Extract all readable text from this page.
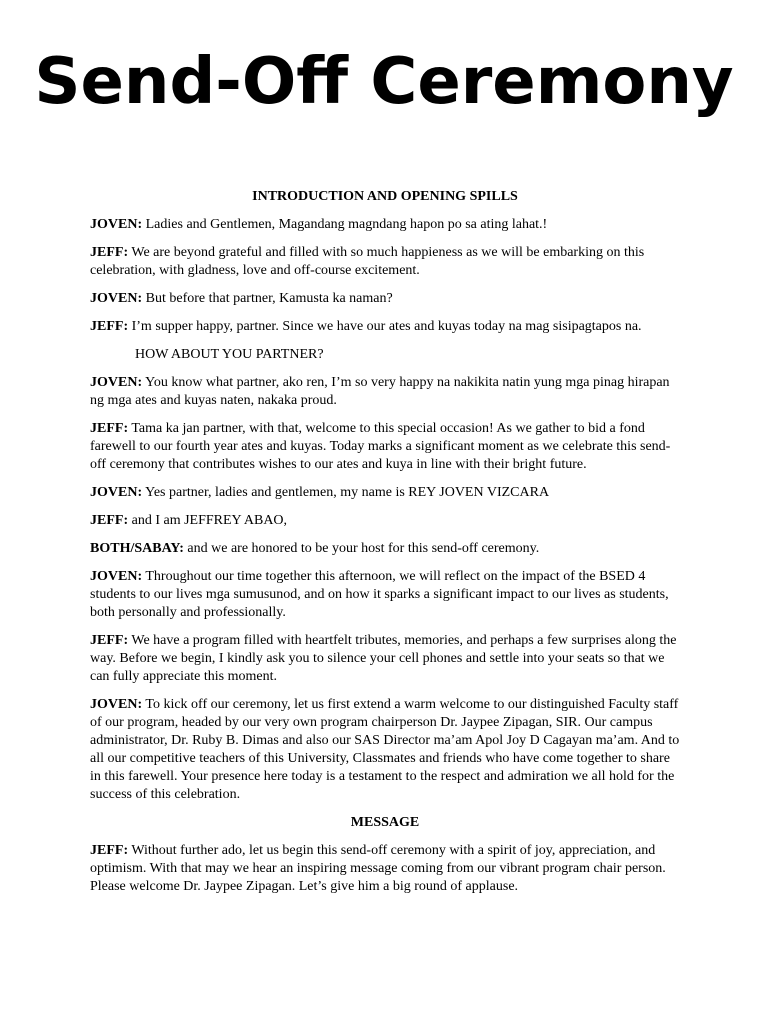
Send-Off Ceremony

INTRODUCTION AND OPENING SPILLS

JOVEN: Ladies and Gentlemen, Magandang magndang hapon po sa ating lahat.!

JEFF: We are beyond grateful and filled with so much happieness as we will be embarking on this celebration, with gladness, love and off-course excitement.

JOVEN: But before that partner, Kamusta ka naman?

JEFF: I’m supper happy, partner. Since we have our ates and kuyas today na mag sisipagtapos na.

HOW ABOUT YOU PARTNER?

JOVEN: You know what partner, ako ren, I’m so very happy na nakikita natin yung mga pinag hirapan ng mga ates and kuyas naten, nakaka proud.

JEFF: Tama ka jan partner, with that, welcome to this special occasion! As we gather to bid a fond farewell to our fourth year ates and kuyas. Today marks a significant moment as we celebrate this send-off ceremony that contributes wishes to our ates and kuya in line with their bright future.

JOVEN: Yes partner, ladies and gentlemen, my name is REY JOVEN VIZCARA

JEFF: and I am JEFFREY ABAO,

BOTH/SABAY: and we are honored to be your host for this send-off ceremony.

JOVEN: Throughout our time together this afternoon, we will reflect on the impact of the BSED 4 students to our lives mga sumusunod, and on how it sparks a significant impact to our lives as students, both personally and professionally.

JEFF: We have a program filled with heartfelt tributes, memories, and perhaps a few surprises along the way. Before we begin, I kindly ask you to silence your cell phones and settle into your seats so that we can fully appreciate this moment.

JOVEN: To kick off our ceremony, let us first extend a warm welcome to our distinguished Faculty staff of our program, headed by our very own program chairperson Dr. Jaypee Zipagan, SIR. Our campus administrator, Dr. Ruby B. Dimas and also our SAS Director ma’am Apol Joy D Cagayan ma’am. And to all our competitive teachers of this University, Classmates and friends who have come together to share in this farewell. Your presence here today is a testament to the respect and admiration we all hold for the success of this celebration.

MESSAGE

JEFF: Without further ado, let us begin this send-off ceremony with a spirit of joy, appreciation, and optimism. With that may we hear an inspiring message coming from our vibrant program chair person. Please welcome Dr. Jaypee Zipagan. Let’s give him a big round of applause.
